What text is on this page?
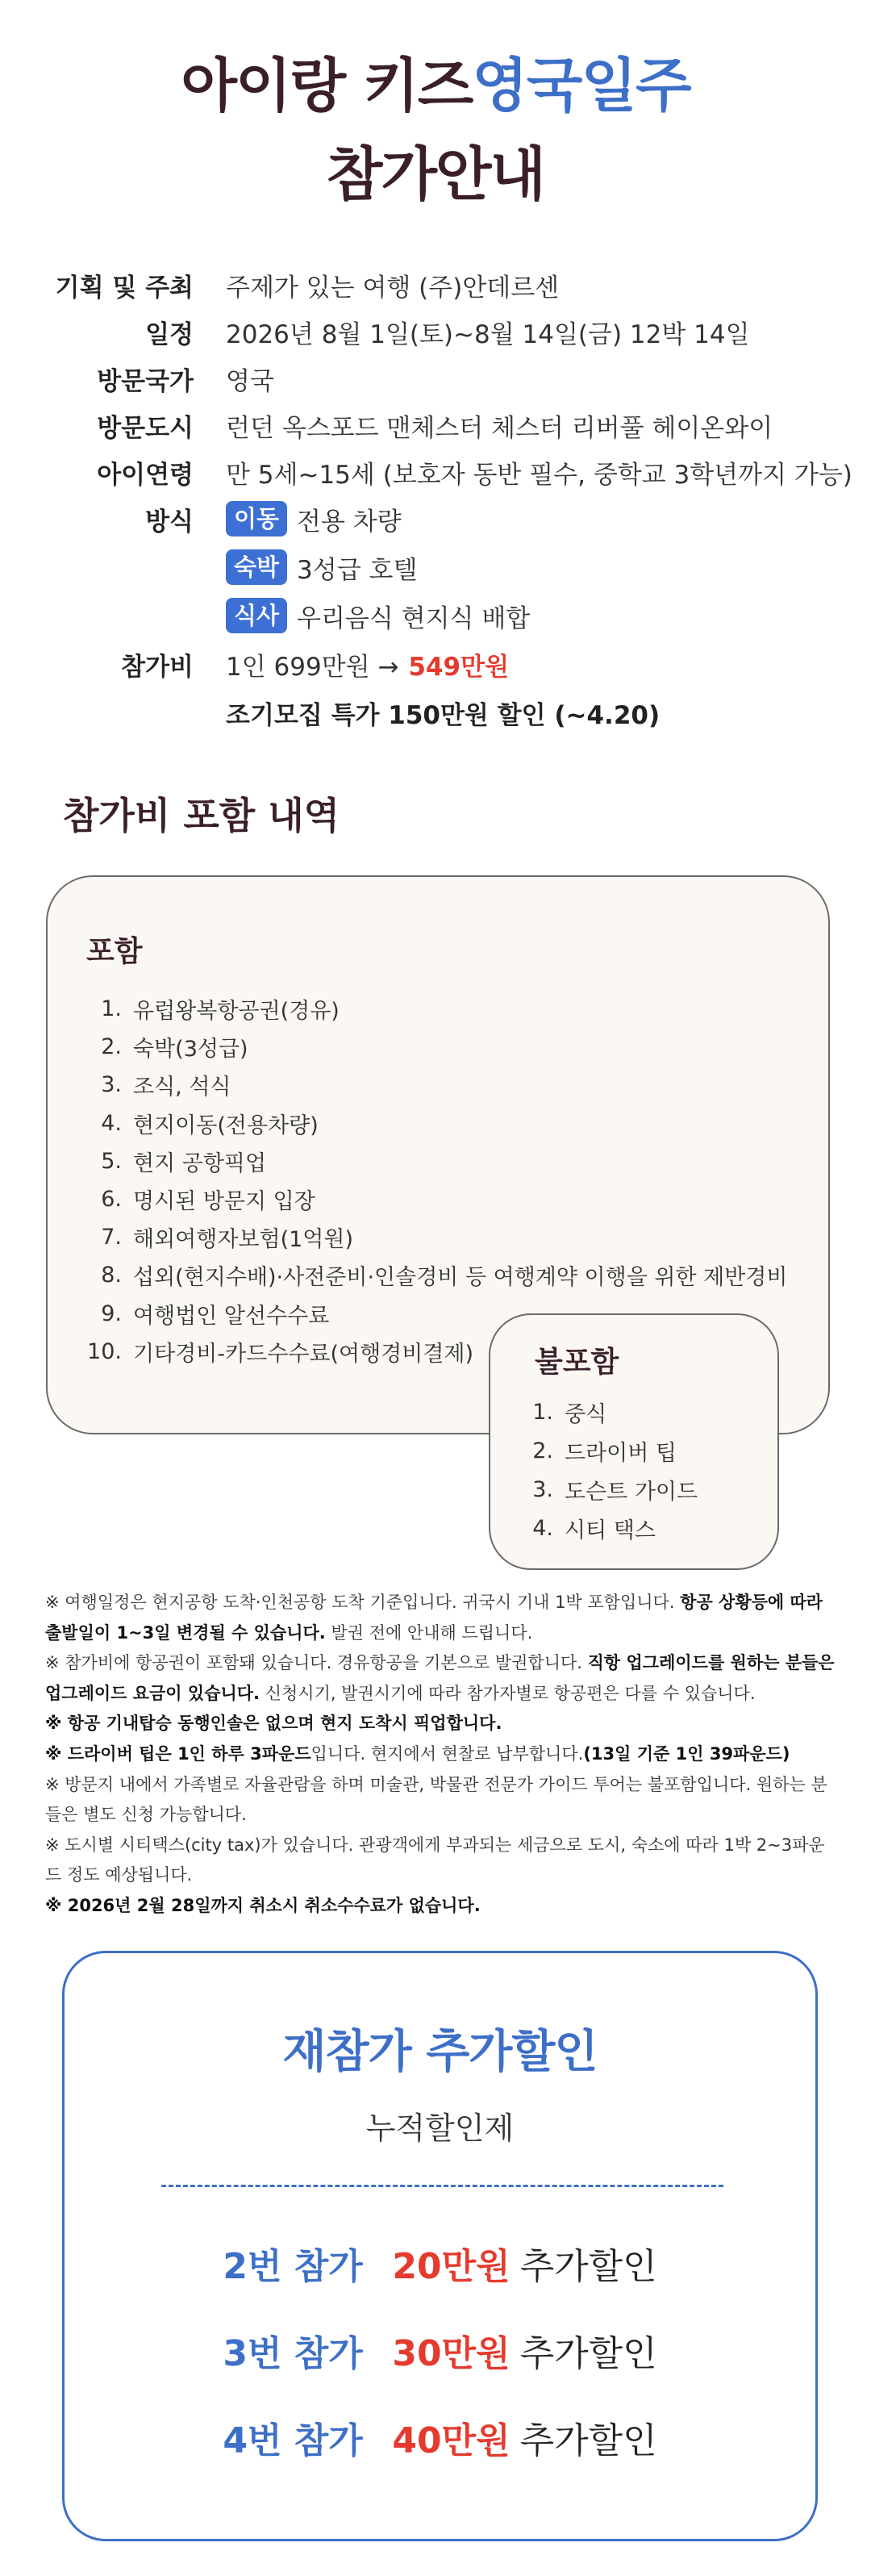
아이랑 키즈영국일주
참가안내
기획 및 주최 주제가 있는 여행 (주)안데르센
일정 2026년 8월 1일(토)~8월 14일(금) 12박 14일
방문국가 영국
방문도시 런던 옥스포드 맨체스터 체스터 리버풀 헤이온와이
아이연령 만 5세~15세 (보호자 동반 필수, 중학교 3학년까지 가능)
방식	이동 전용 차량
숙박 3성급 호텔
식사 우리음식 현지식 배합
참가비 1인 699만원 → 549만원
조기모집 특가 150만원 할인 (~4.20)
참가비 포함 내역
포함
1. 유럽왕복항공권(경유)
2. 숙박(3성급)
3. 조식, 석식
4. 현지이동(전용차량)
5. 현지 공항픽업
6. 명시된 방문지 입장
7. 해외여행자보험(1억원)
8. 섭외(현지수배)·사전준비·인솔경비 등 여행계약 이행을 위한 제반경비
9. 여행법인 알선수수료
10. 기타경비-카드수수료(여행경비결제) 불포함
1. 중식
2. 드라이버 팁
3. 도슨트 가이드
4. 시티 택스

※ 여행일정은 현지공항 도착·인천공항 도착 기준입니다. 귀국시 기내 1박 포함입니다. 항공 상황등에 따라 출발일이 1~3일 변경될 수 있습니다. 발권 전에 안내해 드립니다.

※ 참가비에 항공권이 포함돼 있습니다. 경유항공을 기본으로 발권합니다. 직항 업그레이드를 원하는 분들은 업그레이드 요금이 있습니다. 신청시기, 발권시기에 따라 참가자별로 항공편은 다를 수 있습니다.

※ 항공 기내탑승 동행인솔은 없으며 현지 도착시 픽업합니다.

※ 드라이버 팁은 1인 하루 3파운드입니다. 현지에서 현찰로 납부합니다.(13일 기준 1인 39파운드)

※ 방문지 내에서 가족별로 자율관람을 하며 미술관, 박물관 전문가 가이드 투어는 불포함입니다. 원하는 분들은 별도 신청 가능합니다.

※ 도시별 시티택스(city tax)가 있습니다. 관광객에게 부과되는 세금으로 도시, 숙소에 따라 1박 2~3파운드 정도 예상됩니다.

※ 2026년 2월 28일까지 취소시 취소수수료가 없습니다.

재참가 추가할인
누적할인제
2번 참가 20만원 추가할인
3번 참가 30만원 추가할인
4번 참가 40만원 추가할인
